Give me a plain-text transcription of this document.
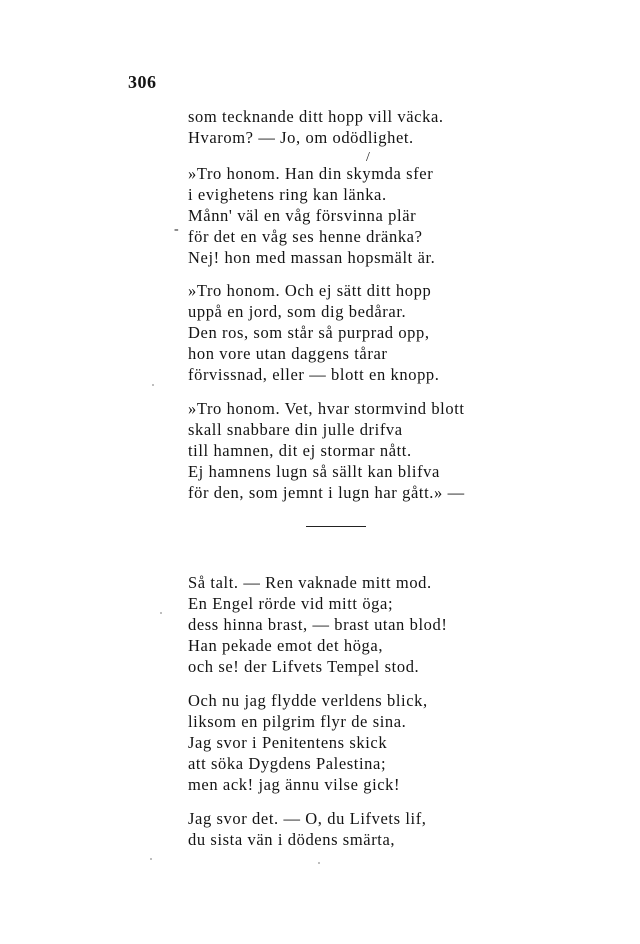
306
som tecknande ditt hopp vill väcka.
Hvarom? — Jo, om odödlighet.
/
»Tro honom. Han din skymda sfer
i evighetens ring kan länka.
Månn' väl en våg försvinna plär
för det en våg ses henne dränka?
Nej! hon med massan hopsmält är.
-
»Tro honom. Och ej sätt ditt hopp
uppå en jord, som dig bedårar.
Den ros, som står så purprad opp,
hon vore utan daggens tårar
förvissnad, eller — blott en knopp.
»Tro honom. Vet, hvar stormvind blott
skall snabbare din julle drifva
till hamnen, dit ej stormar nått.
Ej hamnens lugn så sällt kan blifva
för den, som jemnt i lugn har gått.» —
Så talt. — Ren vaknade mitt mod.
En Engel rörde vid mitt öga;
dess hinna brast, — brast utan blod!
Han pekade emot det höga,
och se! der Lifvets Tempel stod.
Och nu jag flydde verldens blick,
liksom en pilgrim flyr de sina.
Jag svor i Penitentens skick
att söka Dygdens Palestina;
men ack! jag ännu vilse gick!
Jag svor det. — O, du Lifvets lif,
du sista vän i dödens smärta,
